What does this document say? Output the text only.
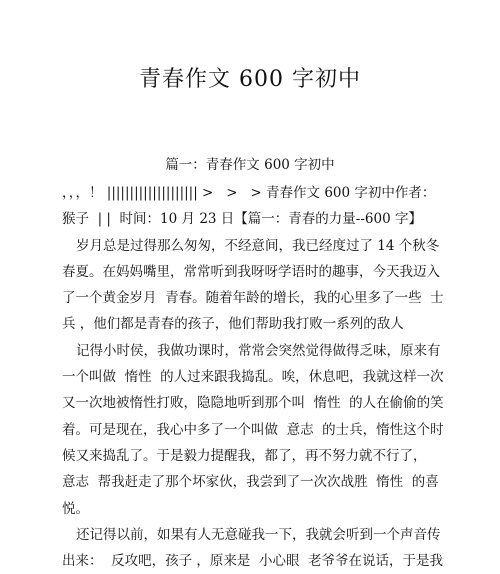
青春作文 600 字初中
篇一：青春作文 600 字初中
，，，！ |||||||||||||||||||| >   >   > 青春作文 600 字初中作者：
猴子  | |  时间：10 月 23 日【篇一：青春的力量--600 字】
岁月总是过得那么匆匆，不经意间，我已经度过了 14 个秋冬
春夏。在妈妈嘴里，常常听到我呀呀学语时的趣事，今天我迈入
了一个黄金岁月  青春。随着年龄的增长，我的心里多了一些  士
兵 ，他们都是青春的孩子，他们帮助我打败一系列的敌人
记得小时侯，我做功课时，常常会突然觉得做得乏味，原来有
一个叫做  惰性  的人过来跟我捣乱。唉，休息吧，我就这样一次
又一次地被惰性打败，隐隐地听到那个叫  惰性  的人在偷偷的笑
着。可是现在，我心中多了一个叫做  意志  的士兵，惰性这个时
候又来捣乱了。于是毅力提醒我，都了，再不努力就不行了，
意志  帮我赶走了那个坏家伙，我尝到了一次次战胜  惰性  的喜
悦。
还记得以前，如果有人无意碰我一下，我就会听到一个声音传
出来：  反攻吧，孩子 ，原来是  小心眼  老爷爷在说话，于是我
